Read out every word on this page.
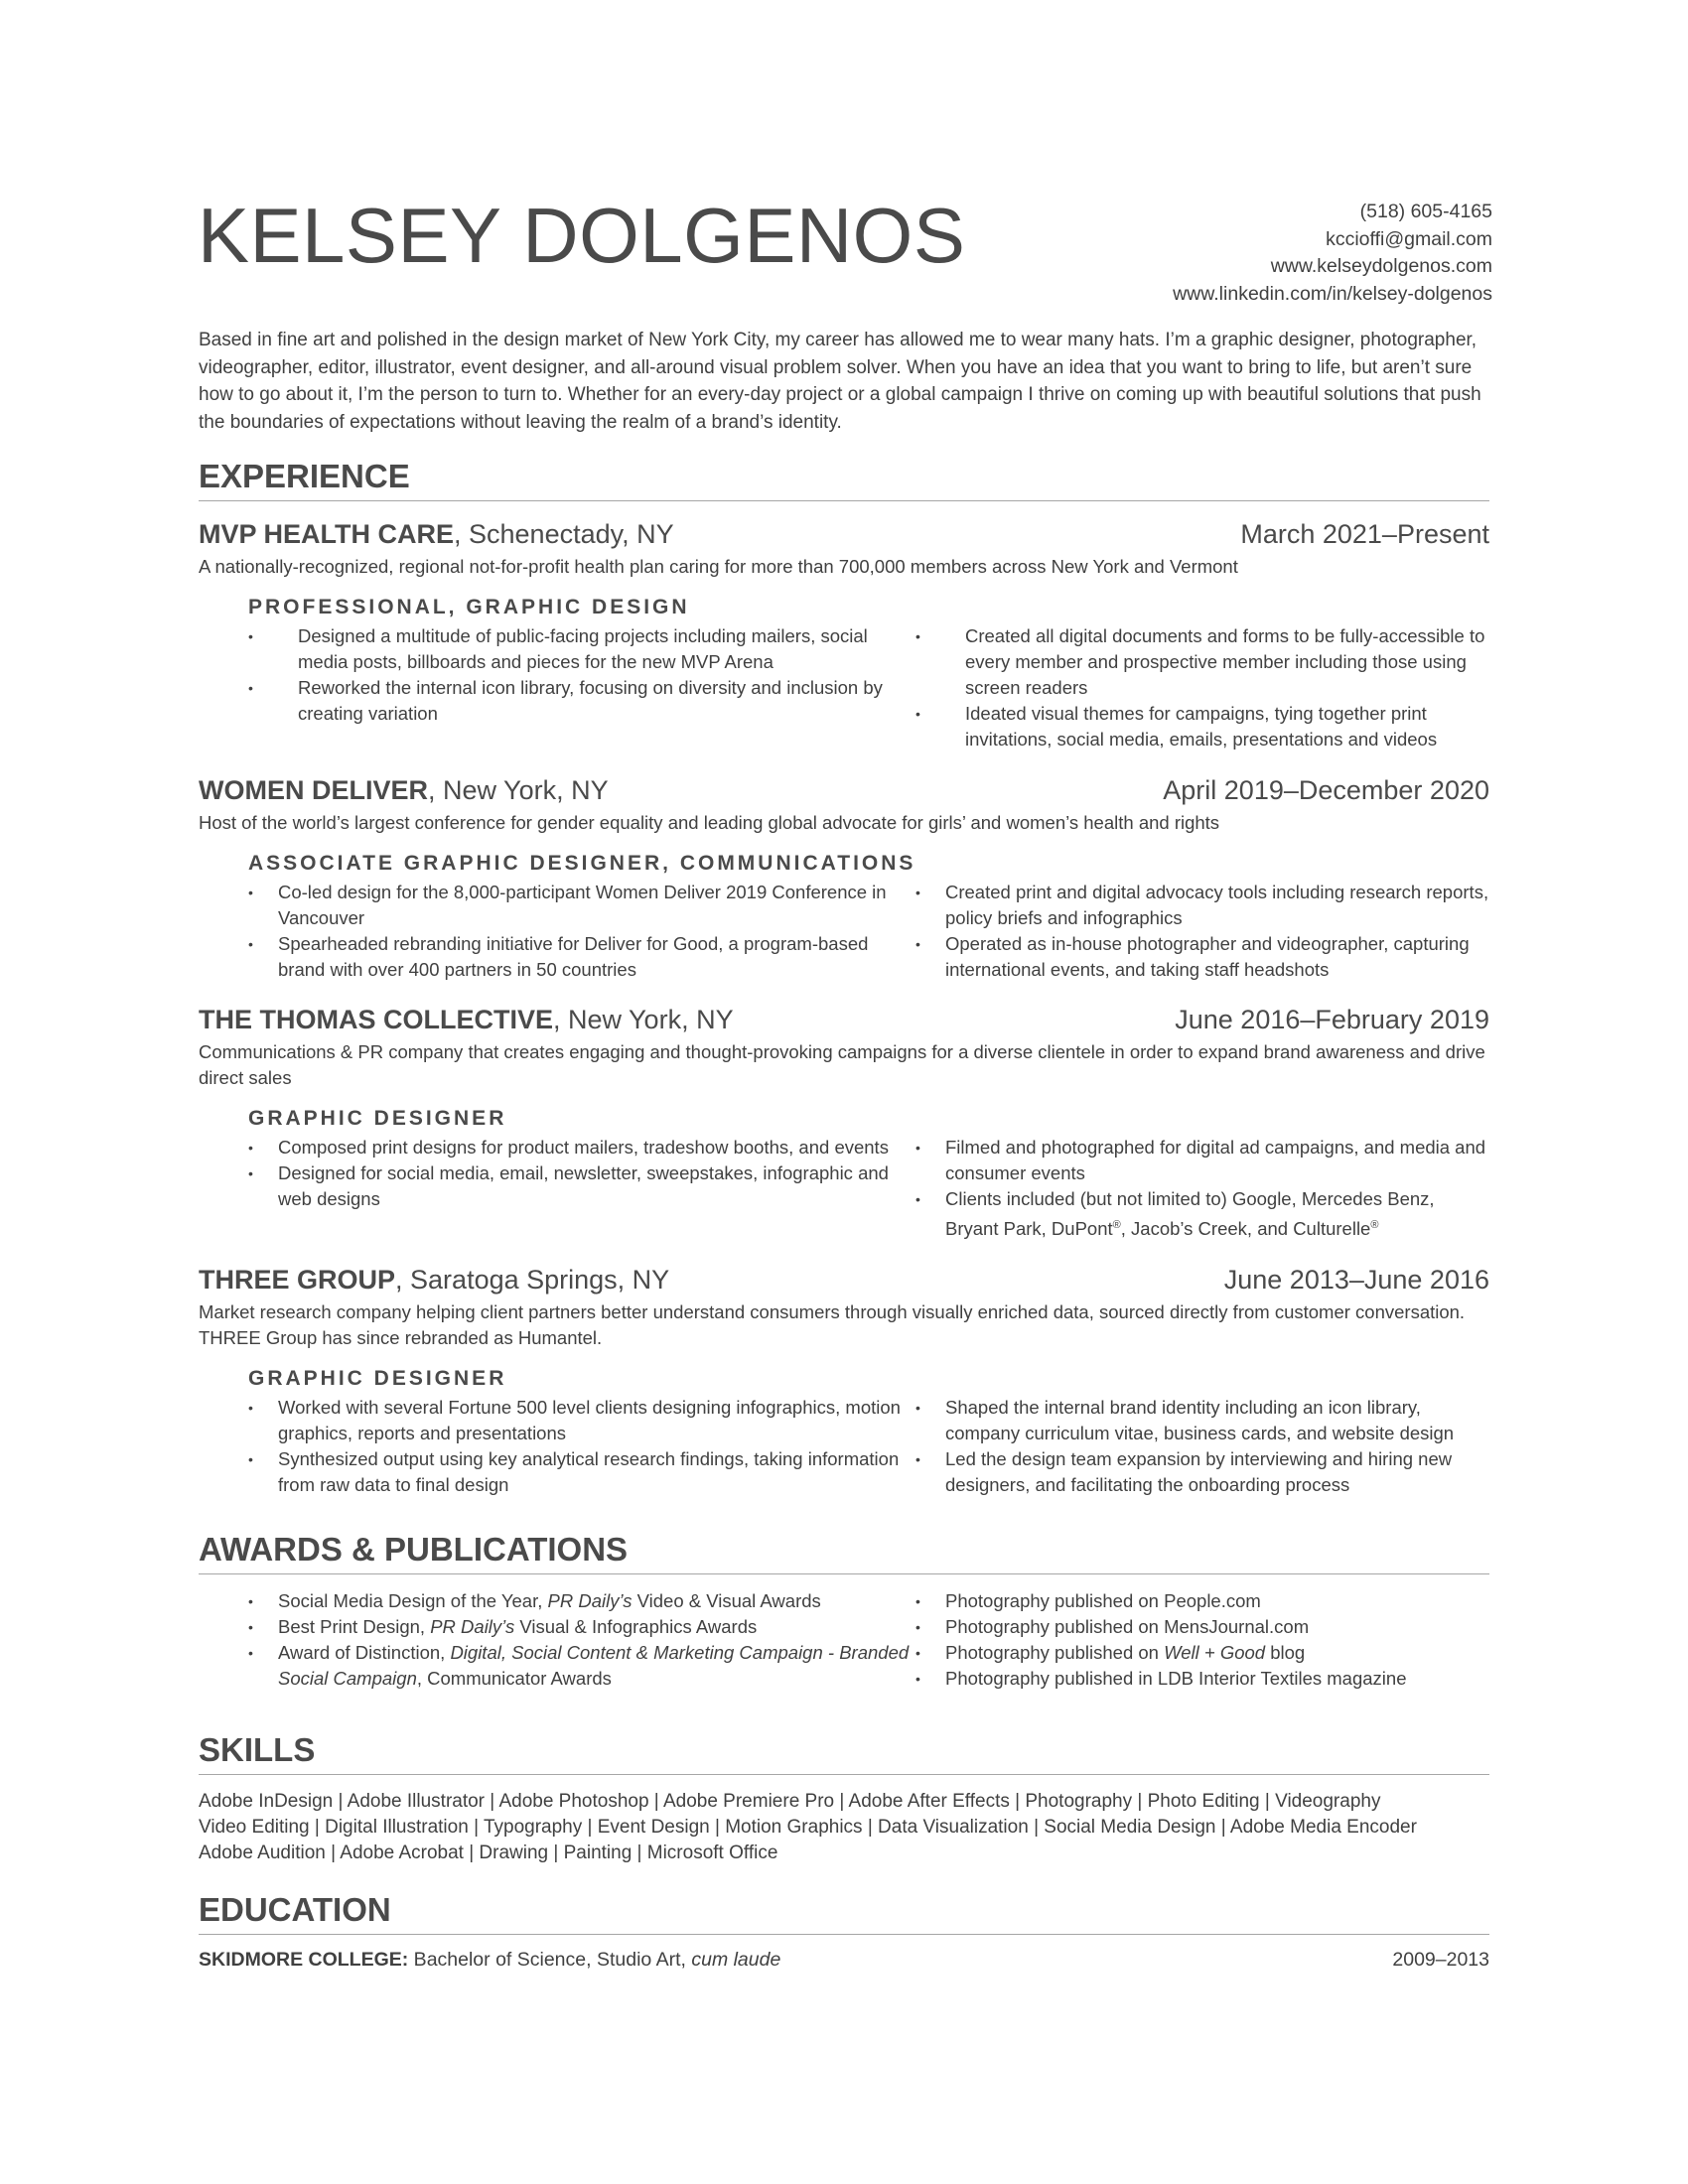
KELSEY DOLGENOS	(518) 605-4165
kccioffi@gmail.com
www.kelseydolgenos.com
www.linkedin.com/in/kelsey-dolgenos

Based in fine art and polished in the design market of New York City, my career has allowed me to wear many hats. I’m a graphic designer, photographer, videographer, editor, illustrator, event designer, and all-around visual problem solver. When you have an idea that you want to bring to life, but aren’t sure how to go about it, I’m the person to turn to. Whether for an every-day project or a global campaign I thrive on coming up with beautiful solutions that push the boundaries of expectations without leaving the realm of a brand’s identity.

EXPERIENCE
MVP HEALTH CARE, Schenectady, NY	March 2021–Present
A nationally-recognized, regional not-for-profit health plan caring for more than 700,000 members across New York and Vermont
PROFESSIONAL, GRAPHIC DESIGN
• Designed a multitude of public-facing projects including mailers, social media posts, billboards and pieces for the new MVP Arena
• Reworked the internal icon library, focusing on diversity and inclusion by creating variation
• Created all digital documents and forms to be fully-accessible to every member and prospective member including those using screen readers
• Ideated visual themes for campaigns, tying together print invitations, social media, emails, presentations and videos
WOMEN DELIVER, New York, NY	April 2019–December 2020
Host of the world’s largest conference for gender equality and leading global advocate for girls’ and women’s health and rights
ASSOCIATE GRAPHIC DESIGNER, COMMUNICATIONS
• Co-led design for the 8,000-participant Women Deliver 2019 Conference in Vancouver
• Spearheaded rebranding initiative for Deliver for Good, a program-based brand with over 400 partners in 50 countries
• Created print and digital advocacy tools including research reports, policy briefs and infographics
• Operated as in-house photographer and videographer, capturing international events, and taking staff headshots
THE THOMAS COLLECTIVE, New York, NY	June 2016–February 2019
Communications & PR company that creates engaging and thought-provoking campaigns for a diverse clientele in order to expand brand awareness and drive direct sales
GRAPHIC DESIGNER
• Composed print designs for product mailers, tradeshow booths, and events
• Designed for social media, email, newsletter, sweepstakes, infographic and web designs
• Filmed and photographed for digital ad campaigns, and media and consumer events
• Clients included (but not limited to) Google, Mercedes Benz, Bryant Park, DuPont®, Jacob’s Creek, and Culturelle®
THREE GROUP, Saratoga Springs, NY	June 2013–June 2016
Market research company helping client partners better understand consumers through visually enriched data, sourced directly from customer conversation. THREE Group has since rebranded as Humantel.
GRAPHIC DESIGNER
• Worked with several Fortune 500 level clients designing infographics, motion graphics, reports and presentations
• Synthesized output using key analytical research findings, taking information from raw data to final design
• Shaped the internal brand identity including an icon library, company curriculum vitae, business cards, and website design
• Led the design team expansion by interviewing and hiring new designers, and facilitating the onboarding process
AWARDS & PUBLICATIONS
• Social Media Design of the Year, PR Daily’s Video & Visual Awards
• Best Print Design, PR Daily’s Visual & Infographics Awards
• Award of Distinction, Digital, Social Content & Marketing Campaign - Branded Social Campaign, Communicator Awards
• Photography published on People.com
• Photography published on MensJournal.com
• Photography published on Well + Good blog
• Photography published in LDB Interior Textiles magazine
SKILLS
Adobe InDesign | Adobe Illustrator | Adobe Photoshop | Adobe Premiere Pro | Adobe After Effects | Photography | Photo Editing | Videography
Video Editing | Digital Illustration | Typography | Event Design | Motion Graphics | Data Visualization | Social Media Design | Adobe Media Encoder
Adobe Audition | Adobe Acrobat | Drawing | Painting | Microsoft Office
EDUCATION
SKIDMORE COLLEGE: Bachelor of Science, Studio Art, cum laude	2009–2013
